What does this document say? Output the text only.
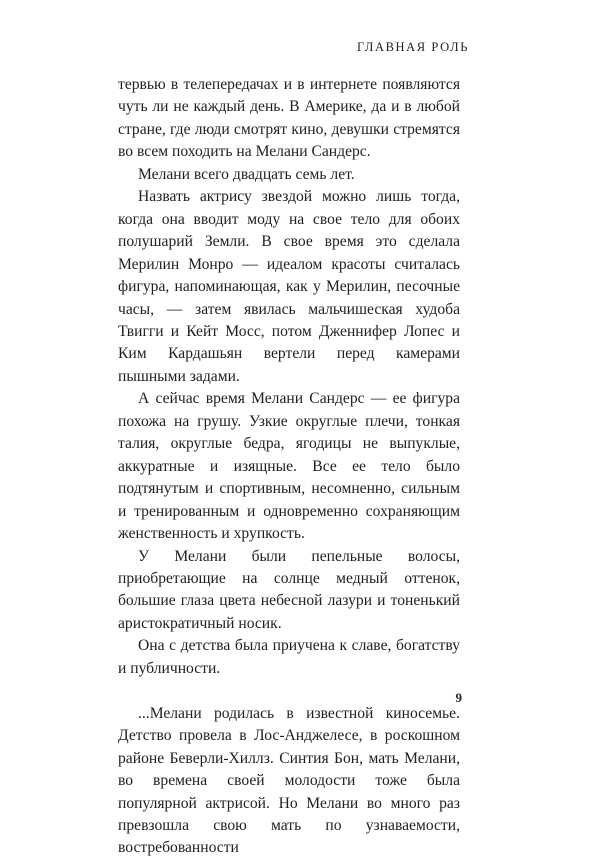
ГЛАВНАЯ РОЛЬ

тервью в телепередачах и в интернете появляются чуть ли не каждый день. В Америке, да и в любой стране, где люди смотрят кино, девушки стремятся во всем походить на Мелани Сандерс.

Мелани всего двадцать семь лет.

Назвать актрису звездой можно лишь тогда, когда она вводит моду на свое тело для обоих полушарий Земли. В свое время это сделала Мерилин Монро — идеалом красоты считалась фигура, напоминающая, как у Мерилин, песочные часы, — затем явилась мальчишеская худоба Твигги и Кейт Мосс, потом Дженнифер Лопес и Ким Кардашьян вертели перед камерами пышными задами.

А сейчас время Мелани Сандерс — ее фигура похожа на грушу. Узкие округлые плечи, тонкая талия, округлые бедра, ягодицы не выпуклые, аккуратные и изящные. Все ее тело было подтянутым и спортивным, несомненно, сильным и тренированным и одновременно сохраняющим женственность и хрупкость.

У Мелани были пепельные волосы, приобретающие на солнце медный оттенок, большие глаза цвета небесной лазури и тоненький аристократичный носик.

Она с детства была приучена к славе, богатству и публичности.

...Мелани родилась в известной киносемье. Детство провела в Лос-Анджелесе, в роскошном районе Беверли-Хиллз. Синтия Бон, мать Мелани, во времена своей молодости тоже была популярной актрисой. Но Мелани во много раз превзошла свою мать по узнаваемости, востребованности

9
